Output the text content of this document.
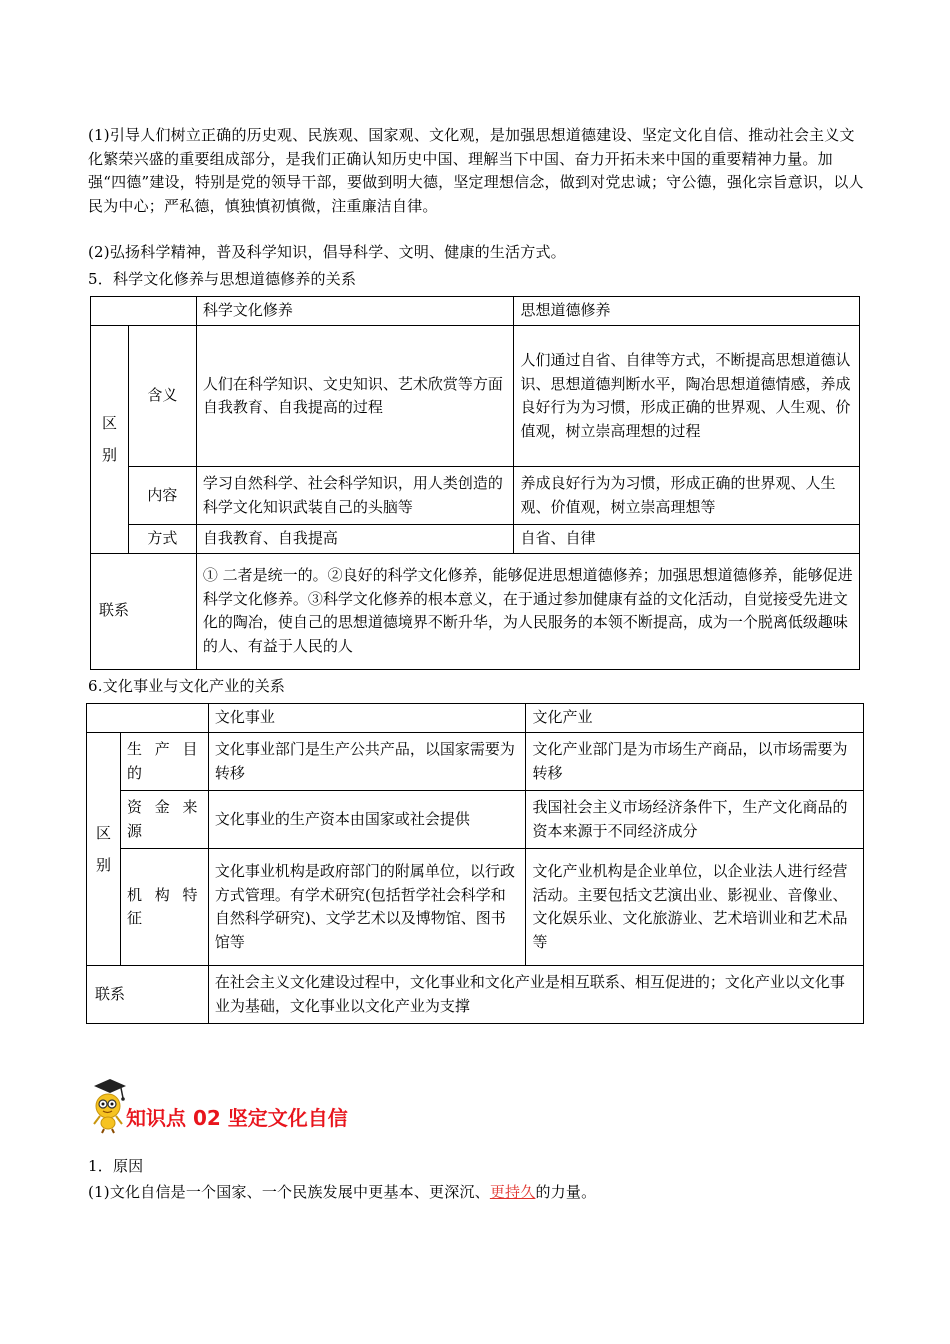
(1)引导人们树立正确的历史观、民族观、国家观、文化观，是加强思想道德建设、坚定文化自信、推动社会主义文化繁荣兴盛的重要组成部分，是我们正确认知历史中国、理解当下中国、奋力开拓未来中国的重要精神力量。加强“四德”建设，特别是党的领导干部，要做到明大德，坚定理想信念，做到对党忠诚；守公德，强化宗旨意识，以人民为中心；严私德，慎独慎初慎微，注重廉洁自律。
(2)弘扬科学精神，普及科学知识，倡导科学、文明、健康的生活方式。
5．科学文化修养与思想道德修养的关系
		科学文化修养	思想道德修养

区别	含义	人们在科学知识、文史知识、艺术欣赏等方面自我教育、自我提高的过程	人们通过自省、自律等方式，不断提高思想道德认识、思想道德判断水平，陶冶思想道德情感，养成良好行为为习惯，形成正确的世界观、人生观、价值观，树立崇高理想的过程
	内容	学习自然科学、社会科学知识，用人类创造的科学文化知识武装自己的头脑等	养成良好行为为习惯，形成正确的世界观、人生观、价值观，树立崇高理想等
	方式	自我教育、自我提高	自省、自律
联系		① 二者是统一的。②良好的科学文化修养，能够促进思想道德修养；加强思想道德修养，能够促进科学文化修养。③科学文化修养的根本意义，在于通过参加健康有益的文化活动，自觉接受先进文化的陶冶，使自己的思想道德境界不断升华，为人民服务的本领不断提高，成为一个脱离低级趣味的人、有益于人民的人	
6.文化事业与文化产业的关系
		文化事业	文化产业

区别	生 产 目的	文化事业部门是生产公共产品，以国家需要为转移	文化产业部门是为市场生产商品，以市场需要为转移
	资 金 来源	文化事业的生产资本由国家或社会提供	我国社会主义市场经济条件下，生产文化商品的资本来源于不同经济成分
	机 构 特征	文化事业机构是政府部门的附属单位，以行政方式管理。有学术研究(包括哲学社会科学和自然科学研究)、文学艺术以及博物馆、图书馆等	文化产业机构是企业单位，以企业法人进行经营活动。主要包括文艺演出业、影视业、音像业、文化娱乐业、文化旅游业、艺术培训业和艺术品等
联系		在社会主义文化建设过程中，文化事业和文化产业是相互联系、相互促进的；文化产业以文化事业为基础，文化事业以文化产业为支撑	
知识点 02 坚定文化自信
1．原因
(1)文化自信是一个国家、一个民族发展中更基本、更深沉、更持久的力量。
